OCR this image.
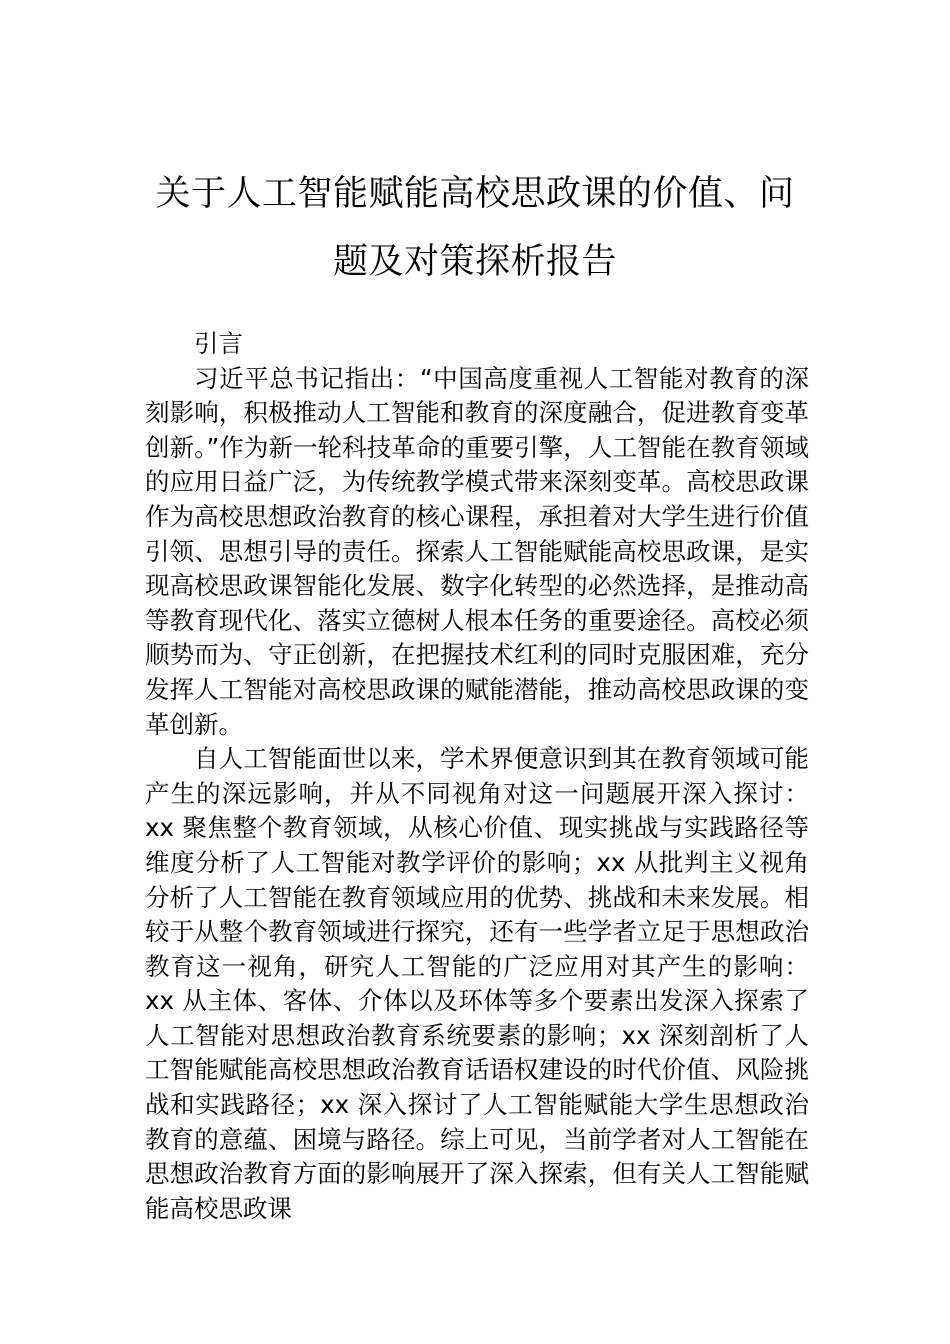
关于人工智能赋能高校思政课的价值、问
题及对策探析报告

引言

习近平总书记指出：“中国高度重视人工智能对教育的深刻影响，积极推动人工智能和教育的深度融合，促进教育变革创新。”作为新一轮科技革命的重要引擎，人工智能在教育领域的应用日益广泛，为传统教学模式带来深刻变革。高校思政课作为高校思想政治教育的核心课程，承担着对大学生进行价值引领、思想引导的责任。探索人工智能赋能高校思政课，是实现高校思政课智能化发展、数字化转型的必然选择，是推动高等教育现代化、落实立德树人根本任务的重要途径。高校必须顺势而为、守正创新，在把握技术红利的同时克服困难，充分发挥人工智能对高校思政课的赋能潜能，推动高校思政课的变革创新。

自人工智能面世以来，学术界便意识到其在教育领域可能产生的深远影响，并从不同视角对这一问题展开深入探讨：xx 聚焦整个教育领域，从核心价值、现实挑战与实践路径等维度分析了人工智能对教学评价的影响；xx 从批判主义视角分析了人工智能在教育领域应用的优势、挑战和未来发展。相较于从整个教育领域进行探究，还有一些学者立足于思想政治教育这一视角，研究人工智能的广泛应用对其产生的影响：xx 从主体、客体、介体以及环体等多个要素出发深入探索了人工智能对思想政治教育系统要素的影响；xx 深刻剖析了人工智能赋能高校思想政治教育话语权建设的时代价值、风险挑战和实践路径；xx 深入探讨了人工智能赋能大学生思想政治教育的意蕴、困境与路径。综上可见，当前学者对人工智能在思想政治教育方面的影响展开了深入探索，但有关人工智能赋能高校思政课
